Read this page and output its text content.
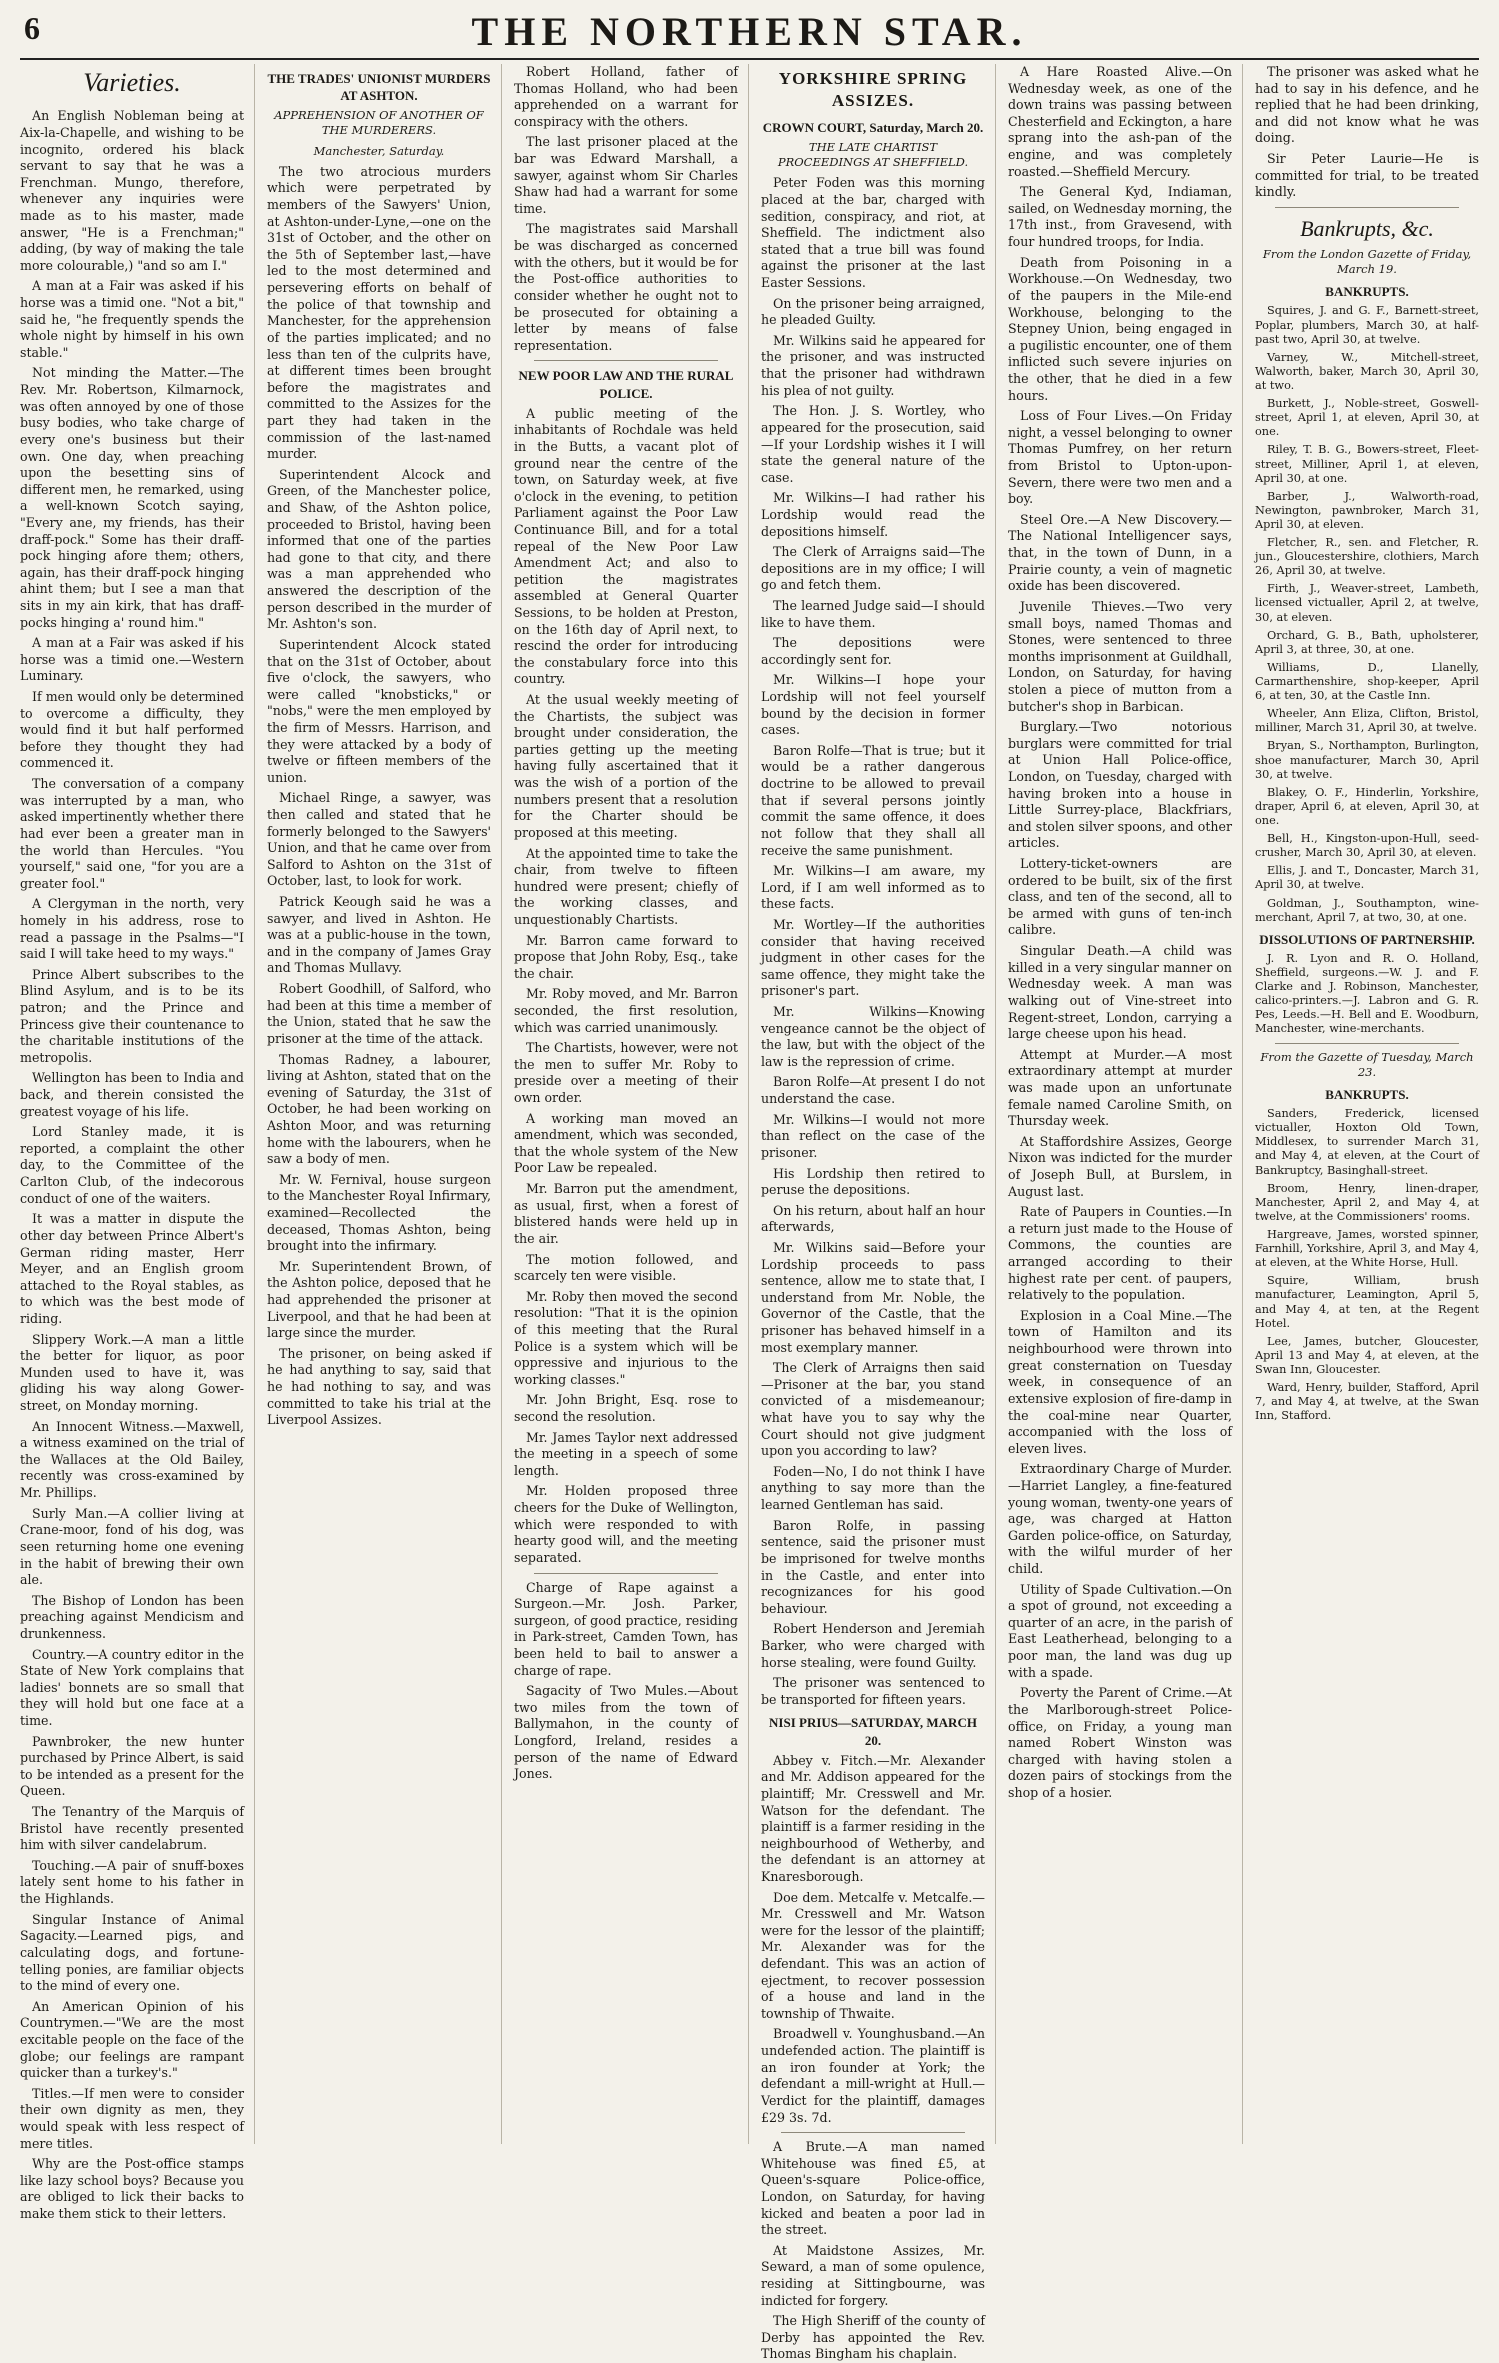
6	THE NORTHERN STAR.
Varieties.

An English Nobleman being at Aix-la-Chapelle, and wishing to be incognito, ordered his black servant to say that he was a Frenchman. Mungo, therefore, whenever any inquiries were made as to his master, made answer, "He is a Frenchman;" adding, (by way of making the tale more colourable,) "and so am I."

A man at a Fair was asked if his horse was a timid one. "Not a bit," said he, "he frequently spends the whole night by himself in his own stable."

Not minding the Matter.—The Rev. Mr. Robertson, Kilmarnock, was often annoyed by one of those busy bodies, who take charge of every one's business but their own. One day, when preaching upon the besetting sins of different men, he remarked, using a well-known Scotch saying, "Every ane, my friends, has their draff-pock." Some has their draff-pock hinging afore them; others, again, has their draff-pock hinging ahint them; but I see a man that sits in my ain kirk, that has draff-pocks hinging a' round him."

A man at a Fair was asked if his horse was a timid one.—Western Luminary.

If men would only be determined to overcome a difficulty, they would find it but half performed before they thought they had commenced it.

The conversation of a company was interrupted by a man, who asked impertinently whether there had ever been a greater man in the world than Hercules. "You yourself," said one, "for you are a greater fool."

A Clergyman in the north, very homely in his address, rose to read a passage in the Psalms—"I said I will take heed to my ways."

Prince Albert subscribes to the Blind Asylum, and is to be its patron; and the Prince and Princess give their countenance to the charitable institutions of the metropolis.

Wellington has been to India and back, and therein consisted the greatest voyage of his life.

Lord Stanley made, it is reported, a complaint the other day, to the Committee of the Carlton Club, of the indecorous conduct of one of the waiters.

It was a matter in dispute the other day between Prince Albert's German riding master, Herr Meyer, and an English groom attached to the Royal stables, as to which was the best mode of riding.

Slippery Work.—A man a little the better for liquor, as poor Munden used to have it, was gliding his way along Gower-street, on Monday morning.

An Innocent Witness.—Maxwell, a witness examined on the trial of the Wallaces at the Old Bailey, recently was cross-examined by Mr. Phillips.

Surly Man.—A collier living at Crane-moor, fond of his dog, was seen returning home one evening in the habit of brewing their own ale.

The Bishop of London has been preaching against Mendicism and drunkenness.

Country.—A country editor in the State of New York complains that ladies' bonnets are so small that they will hold but one face at a time.

Pawnbroker, the new hunter purchased by Prince Albert, is said to be intended as a present for the Queen.

The Tenantry of the Marquis of Bristol have recently presented him with silver candelabrum.

Touching.—A pair of snuff-boxes lately sent home to his father in the Highlands.

Singular Instance of Animal Sagacity.—Learned pigs, and calculating dogs, and fortune-telling ponies, are familiar objects to the mind of every one.

An American Opinion of his Countrymen.—"We are the most excitable people on the face of the globe; our feelings are rampant quicker than a turkey's."

Titles.—If men were to consider their own dignity as men, they would speak with less respect of mere titles.

Why are the Post-office stamps like lazy school boys? Because you are obliged to lick their backs to make them stick to their letters.

THE TRADES' UNIONIST MURDERS AT ASHTON.
APPREHENSION OF ANOTHER OF THE MURDERERS.
Manchester, Saturday.

The two atrocious murders which were perpetrated by members of the Sawyers' Union, at Ashton-under-Lyne,—one on the 31st of October, and the other on the 5th of September last,—have led to the most determined and persevering efforts on behalf of the police of that township and Manchester, for the apprehension of the parties implicated; and no less than ten of the culprits have, at different times been brought before the magistrates and committed to the Assizes for the part they had taken in the commission of the last-named murder.

Superintendent Alcock and Green, of the Manchester police, and Shaw, of the Ashton police, proceeded to Bristol, having been informed that one of the parties had gone to that city, and there was a man apprehended who answered the description of the person described in the murder of Mr. Ashton's son.

Superintendent Alcock stated that on the 31st of October, about five o'clock, the sawyers, who were called "knobsticks," or "nobs," were the men employed by the firm of Messrs. Harrison, and they were attacked by a body of twelve or fifteen members of the union.

Michael Ringe, a sawyer, was then called and stated that he formerly belonged to the Sawyers' Union, and that he came over from Salford to Ashton on the 31st of October, last, to look for work.

Patrick Keough said he was a sawyer, and lived in Ashton. He was at a public-house in the town, and in the company of James Gray and Thomas Mullavy.

Robert Goodhill, of Salford, who had been at this time a member of the Union, stated that he saw the prisoner at the time of the attack.

Thomas Radney, a labourer, living at Ashton, stated that on the evening of Saturday, the 31st of October, he had been working on Ashton Moor, and was returning home with the labourers, when he saw a body of men.

Mr. W. Fernival, house surgeon to the Manchester Royal Infirmary, examined—Recollected the deceased, Thomas Ashton, being brought into the infirmary.

Mr. Superintendent Brown, of the Ashton police, deposed that he had apprehended the prisoner at Liverpool, and that he had been at large since the murder.

The prisoner, on being asked if he had anything to say, said that he had nothing to say, and was committed to take his trial at the Liverpool Assizes.

Robert Holland, father of Thomas Holland, who had been apprehended on a warrant for conspiracy with the others.

The last prisoner placed at the bar was Edward Marshall, a sawyer, against whom Sir Charles Shaw had had a warrant for some time.

The magistrates said Marshall be was discharged as concerned with the others, but it would be for the Post-office authorities to consider whether he ought not to be prosecuted for obtaining a letter by means of false representation.

NEW POOR LAW AND THE RURAL POLICE.

A public meeting of the inhabitants of Rochdale was held in the Butts, a vacant plot of ground near the centre of the town, on Saturday week, at five o'clock in the evening, to petition Parliament against the Poor Law Continuance Bill, and for a total repeal of the New Poor Law Amendment Act; and also to petition the magistrates assembled at General Quarter Sessions, to be holden at Preston, on the 16th day of April next, to rescind the order for introducing the constabulary force into this country.

At the usual weekly meeting of the Chartists, the subject was brought under consideration, the parties getting up the meeting having fully ascertained that it was the wish of a portion of the numbers present that a resolution for the Charter should be proposed at this meeting.

At the appointed time to take the chair, from twelve to fifteen hundred were present; chiefly of the working classes, and unquestionably Chartists.

Mr. Barron came forward to propose that John Roby, Esq., take the chair.

Mr. Roby moved, and Mr. Barron seconded, the first resolution, which was carried unanimously.

The Chartists, however, were not the men to suffer Mr. Roby to preside over a meeting of their own order.

A working man moved an amendment, which was seconded, that the whole system of the New Poor Law be repealed.

Mr. Barron put the amendment, as usual, first, when a forest of blistered hands were held up in the air.

The motion followed, and scarcely ten were visible.

Mr. Roby then moved the second resolution: "That it is the opinion of this meeting that the Rural Police is a system which will be oppressive and injurious to the working classes."

Mr. John Bright, Esq. rose to second the resolution.

Mr. James Taylor next addressed the meeting in a speech of some length.

Mr. Holden proposed three cheers for the Duke of Wellington, which were responded to with hearty good will, and the meeting separated.

Charge of Rape against a Surgeon.—Mr. Josh. Parker, surgeon, of good practice, residing in Park-street, Camden Town, has been held to bail to answer a charge of rape.

Sagacity of Two Mules.—About two miles from the town of Ballymahon, in the county of Longford, Ireland, resides a person of the name of Edward Jones.

YORKSHIRE SPRING ASSIZES.
CROWN COURT, Saturday, March 20.
THE LATE CHARTIST PROCEEDINGS AT SHEFFIELD.

Peter Foden was this morning placed at the bar, charged with sedition, conspiracy, and riot, at Sheffield. The indictment also stated that a true bill was found against the prisoner at the last Easter Sessions.

On the prisoner being arraigned, he pleaded Guilty.

Mr. Wilkins said he appeared for the prisoner, and was instructed that the prisoner had withdrawn his plea of not guilty.

The Hon. J. S. Wortley, who appeared for the prosecution, said—If your Lordship wishes it I will state the general nature of the case.

Mr. Wilkins—I had rather his Lordship would read the depositions himself.

The Clerk of Arraigns said—The depositions are in my office; I will go and fetch them.

The learned Judge said—I should like to have them.

The depositions were accordingly sent for.

Mr. Wilkins—I hope your Lordship will not feel yourself bound by the decision in former cases.

Baron Rolfe—That is true; but it would be a rather dangerous doctrine to be allowed to prevail that if several persons jointly commit the same offence, it does not follow that they shall all receive the same punishment.

Mr. Wilkins—I am aware, my Lord, if I am well informed as to these facts.

Mr. Wortley—If the authorities consider that having received judgment in other cases for the same offence, they might take the prisoner's part.

Mr. Wilkins—Knowing vengeance cannot be the object of the law, but with the object of the law is the repression of crime.

Baron Rolfe—At present I do not understand the case.

Mr. Wilkins—I would not more than reflect on the case of the prisoner.

His Lordship then retired to peruse the depositions.

On his return, about half an hour afterwards,

Mr. Wilkins said—Before your Lordship proceeds to pass sentence, allow me to state that, I understand from Mr. Noble, the Governor of the Castle, that the prisoner has behaved himself in a most exemplary manner.

The Clerk of Arraigns then said—Prisoner at the bar, you stand convicted of a misdemeanour; what have you to say why the Court should not give judgment upon you according to law?

Foden—No, I do not think I have anything to say more than the learned Gentleman has said.

Baron Rolfe, in passing sentence, said the prisoner must be imprisoned for twelve months in the Castle, and enter into recognizances for his good behaviour.

Robert Henderson and Jeremiah Barker, who were charged with horse stealing, were found Guilty.

The prisoner was sentenced to be transported for fifteen years.

NISI PRIUS—SATURDAY, MARCH 20.

Abbey v. Fitch.—Mr. Alexander and Mr. Addison appeared for the plaintiff; Mr. Cresswell and Mr. Watson for the defendant. The plaintiff is a farmer residing in the neighbourhood of Wetherby, and the defendant is an attorney at Knaresborough.

Doe dem. Metcalfe v. Metcalfe.—Mr. Cresswell and Mr. Watson were for the lessor of the plaintiff; Mr. Alexander was for the defendant. This was an action of ejectment, to recover possession of a house and land in the township of Thwaite.

Broadwell v. Younghusband.—An undefended action. The plaintiff is an iron founder at York; the defendant a mill-wright at Hull.—Verdict for the plaintiff, damages £29 3s. 7d.

A Brute.—A man named Whitehouse was fined £5, at Queen's-square Police-office, London, on Saturday, for having kicked and beaten a poor lad in the street.

At Maidstone Assizes, Mr. Seward, a man of some opulence, residing at Sittingbourne, was indicted for forgery.

The High Sheriff of the county of Derby has appointed the Rev. Thomas Bingham his chaplain.

A Hare Roasted Alive.—On Wednesday week, as one of the down trains was passing between Chesterfield and Eckington, a hare sprang into the ash-pan of the engine, and was completely roasted.—Sheffield Mercury.

The General Kyd, Indiaman, sailed, on Wednesday morning, the 17th inst., from Gravesend, with four hundred troops, for India.

Death from Poisoning in a Workhouse.—On Wednesday, two of the paupers in the Mile-end Workhouse, belonging to the Stepney Union, being engaged in a pugilistic encounter, one of them inflicted such severe injuries on the other, that he died in a few hours.

Loss of Four Lives.—On Friday night, a vessel belonging to owner Thomas Pumfrey, on her return from Bristol to Upton-upon-Severn, there were two men and a boy.

Steel Ore.—A New Discovery.—The National Intelligencer says, that, in the town of Dunn, in a Prairie county, a vein of magnetic oxide has been discovered.

Juvenile Thieves.—Two very small boys, named Thomas and Stones, were sentenced to three months imprisonment at Guildhall, London, on Saturday, for having stolen a piece of mutton from a butcher's shop in Barbican.

Burglary.—Two notorious burglars were committed for trial at Union Hall Police-office, London, on Tuesday, charged with having broken into a house in Little Surrey-place, Blackfriars, and stolen silver spoons, and other articles.

Lottery-ticket-owners are ordered to be built, six of the first class, and ten of the second, all to be armed with guns of ten-inch calibre.

Singular Death.—A child was killed in a very singular manner on Wednesday week. A man was walking out of Vine-street into Regent-street, London, carrying a large cheese upon his head.

Attempt at Murder.—A most extraordinary attempt at murder was made upon an unfortunate female named Caroline Smith, on Thursday week.

At Staffordshire Assizes, George Nixon was indicted for the murder of Joseph Bull, at Burslem, in August last.

Rate of Paupers in Counties.—In a return just made to the House of Commons, the counties are arranged according to their highest rate per cent. of paupers, relatively to the population.

Explosion in a Coal Mine.—The town of Hamilton and its neighbourhood were thrown into great consternation on Tuesday week, in consequence of an extensive explosion of fire-damp in the coal-mine near Quarter, accompanied with the loss of eleven lives.

Extraordinary Charge of Murder.—Harriet Langley, a fine-featured young woman, twenty-one years of age, was charged at Hatton Garden police-office, on Saturday, with the wilful murder of her child.

Utility of Spade Cultivation.—On a spot of ground, not exceeding a quarter of an acre, in the parish of East Leatherhead, belonging to a poor man, the land was dug up with a spade.

Poverty the Parent of Crime.—At the Marlborough-street Police-office, on Friday, a young man named Robert Winston was charged with having stolen a dozen pairs of stockings from the shop of a hosier.

The prisoner was asked what he had to say in his defence, and he replied that he had been drinking, and did not know what he was doing.

Sir Peter Laurie—He is committed for trial, to be treated kindly.

Bankrupts, &c.
From the London Gazette of Friday, March 19.
BANKRUPTS.

Squires, J. and G. F., Barnett-street, Poplar, plumbers, March 30, at half-past two, April 30, at twelve.

Varney, W., Mitchell-street, Walworth, baker, March 30, April 30, at two.

Burkett, J., Noble-street, Goswell-street, April 1, at eleven, April 30, at one.

Riley, T. B. G., Bowers-street, Fleet-street, Milliner, April 1, at eleven, April 30, at one.

Barber, J., Walworth-road, Newington, pawnbroker, March 31, April 30, at eleven.

Fletcher, R., sen. and Fletcher, R. jun., Gloucestershire, clothiers, March 26, April 30, at twelve.

Firth, J., Weaver-street, Lambeth, licensed victualler, April 2, at twelve, 30, at eleven.

Orchard, G. B., Bath, upholsterer, April 3, at three, 30, at one.

Williams, D., Llanelly, Carmarthenshire, shop-keeper, April 6, at ten, 30, at the Castle Inn.

Wheeler, Ann Eliza, Clifton, Bristol, milliner, March 31, April 30, at twelve.

Bryan, S., Northampton, Burlington, shoe manufacturer, March 30, April 30, at twelve.

Blakey, O. F., Hinderlin, Yorkshire, draper, April 6, at eleven, April 30, at one.

Bell, H., Kingston-upon-Hull, seed-crusher, March 30, April 30, at eleven.

Ellis, J. and T., Doncaster, March 31, April 30, at twelve.

Goldman, J., Southampton, wine-merchant, April 7, at two, 30, at one.

DISSOLUTIONS OF PARTNERSHIP.

J. R. Lyon and R. O. Holland, Sheffield, surgeons.—W. J. and F. Clarke and J. Robinson, Manchester, calico-printers.—J. Labron and G. R. Pes, Leeds.—H. Bell and E. Woodburn, Manchester, wine-merchants.

From the Gazette of Tuesday, March 23.
BANKRUPTS.

Sanders, Frederick, licensed victualler, Hoxton Old Town, Middlesex, to surrender March 31, and May 4, at eleven, at the Court of Bankruptcy, Basinghall-street.

Broom, Henry, linen-draper, Manchester, April 2, and May 4, at twelve, at the Commissioners' rooms.

Hargreave, James, worsted spinner, Farnhill, Yorkshire, April 3, and May 4, at eleven, at the White Horse, Hull.

Squire, William, brush manufacturer, Leamington, April 5, and May 4, at ten, at the Regent Hotel.

Lee, James, butcher, Gloucester, April 13 and May 4, at eleven, at the Swan Inn, Gloucester.

Ward, Henry, builder, Stafford, April 7, and May 4, at twelve, at the Swan Inn, Stafford.
